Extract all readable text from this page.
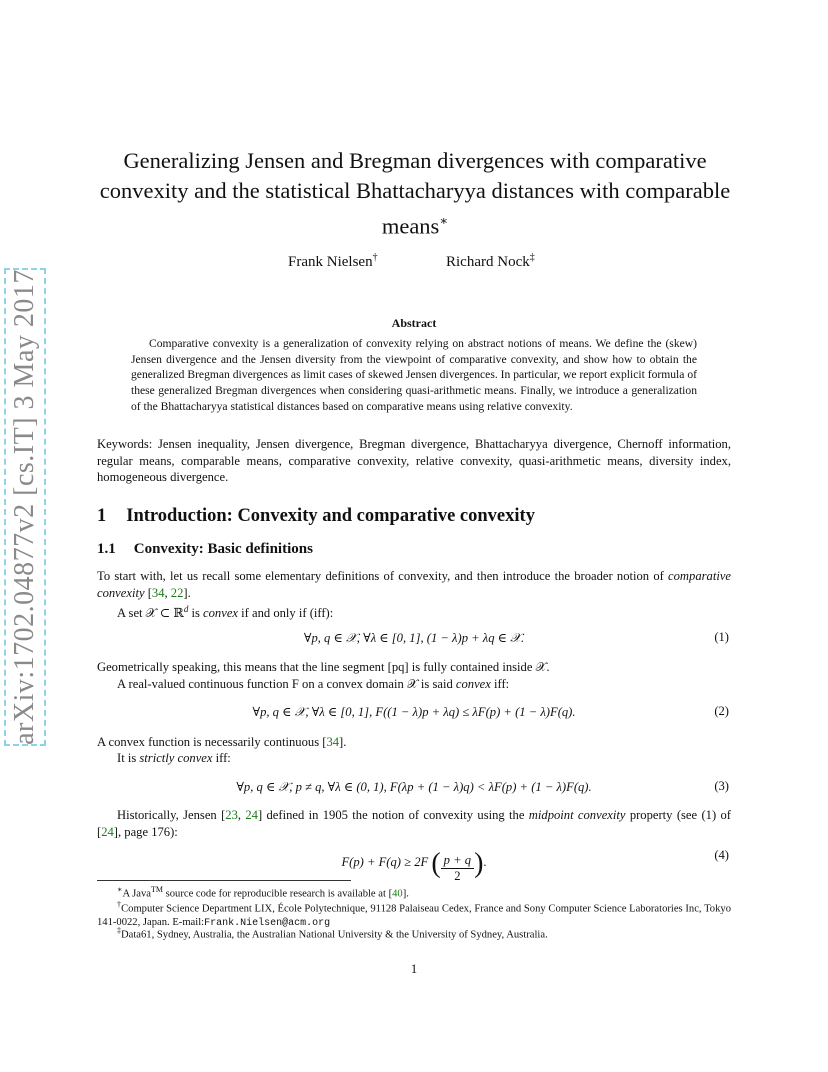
arXiv:1702.04877v2 [cs.IT] 3 May 2017
Generalizing Jensen and Bregman divergences with comparative convexity and the statistical Bhattacharyya distances with comparable means∗
Frank Nielsen†	Richard Nock‡
Abstract
Comparative convexity is a generalization of convexity relying on abstract notions of means. We define the (skew) Jensen divergence and the Jensen diversity from the viewpoint of comparative convexity, and show how to obtain the generalized Bregman divergences as limit cases of skewed Jensen divergences. In particular, we report explicit formula of these generalized Bregman divergences when considering quasi-arithmetic means. Finally, we introduce a generalization of the Bhattacharyya statistical distances based on comparative means using relative convexity.
Keywords: Jensen inequality, Jensen divergence, Bregman divergence, Bhattacharyya divergence, Chernoff information, regular means, comparable means, comparative convexity, relative convexity, quasi-arithmetic means, diversity index, homogeneous divergence.
1 Introduction: Convexity and comparative convexity
1.1 Convexity: Basic definitions
To start with, let us recall some elementary definitions of convexity, and then introduce the broader notion of comparative convexity [34, 22].
A set 𝒳 ⊂ ℝ$^d$ is convex if and only if (iff):
∀p, q ∈ 𝒳, ∀λ ∈ [0, 1], (1 − λ)p + λq ∈ 𝒳.	(1)
Geometrically speaking, this means that the line segment [pq] is fully contained inside 𝒳.
A real-valued continuous function F on a convex domain 𝒳 is said convex iff:
∀p, q ∈ 𝒳, ∀λ ∈ [0, 1], F((1 − λ)p + λq) ≤ λF(p) + (1 − λ)F(q).	(2)
A convex function is necessarily continuous [34].
It is strictly convex iff:
∀p, q ∈ 𝒳, p ≠ q, ∀λ ∈ (0, 1), F(λp + (1 − λ)q) < λF(p) + (1 − λ)F(q).	(3)
Historically, Jensen [23, 24] defined in 1905 the notion of convexity using the midpoint convexity property (see (1) of [24], page 176):
F(p) + F(q) ≥ 2F ( $\frac{p + q}{2}$ ).	(4)
∗A Java™ source code for reproducible research is available at [40].
†Computer Science Department LIX, École Polytechnique, 91128 Palaiseau Cedex, France and Sony Computer Science Laboratories Inc, Tokyo 141-0022, Japan. E-mail:Frank.Nielsen@acm.org
‡Data61, Sydney, Australia, the Australian National University & the University of Sydney, Australia.
1
